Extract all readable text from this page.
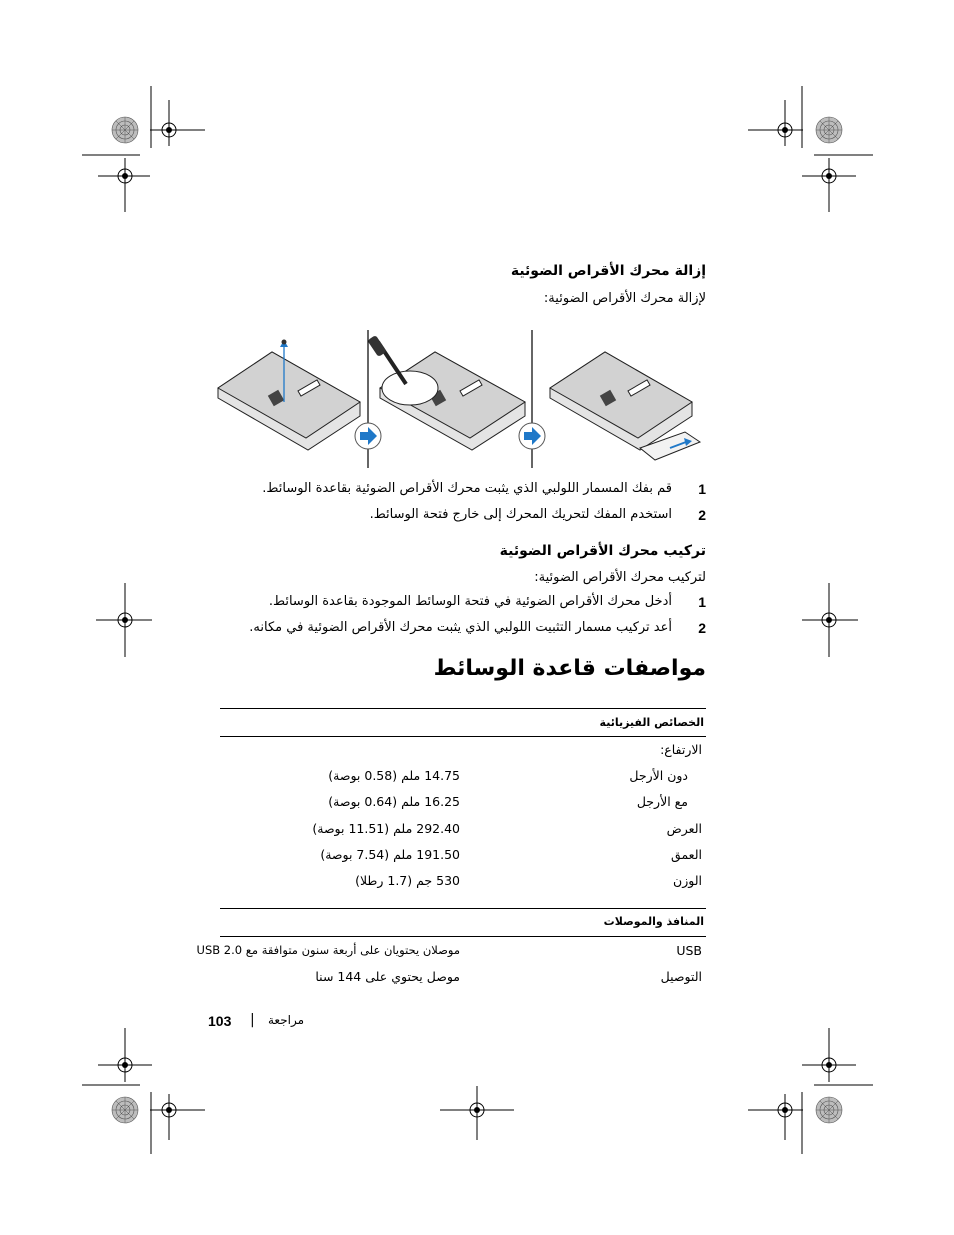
إزالة محرك الأقراص الضوئية
لإزالة محرك الأقراص الضوئية:
1
قم بفك المسمار اللولبي الذي يثبت محرك الأقراص الضوئية بقاعدة الوسائط.
2
استخدم المفك لتحريك المحرك إلى خارج فتحة الوسائط.
تركيب محرك الأقراص الضوئية
لتركيب محرك الأقراص الضوئية:
1
أدخل محرك الأقراص الضوئية في فتحة الوسائط الموجودة بقاعدة الوسائط.
2
أعد تركيب مسمار التثبيت اللولبي الذي يثبت محرك الأقراص الضوئية في مكانه.
مواصفات قاعدة الوسائط
الخصائص الفيزيائية
الارتفاع:
دون الأرجل
14.75 ملم (0.58 بوصة)
مع الأرجل
16.25 ملم (0.64 بوصة)
العرض
292.40 ملم (11.51 بوصة)
العمق
191.50 ملم (7.54 بوصة)
الوزن
530 جم (1.7 رطلا)
المنافذ والموصلات
USB
موصلان يحتويان على أربعة سنون متوافقة مع USB 2.0
التوصيل
موصل يحتوي على 144 سنا
103 | مراجعة
